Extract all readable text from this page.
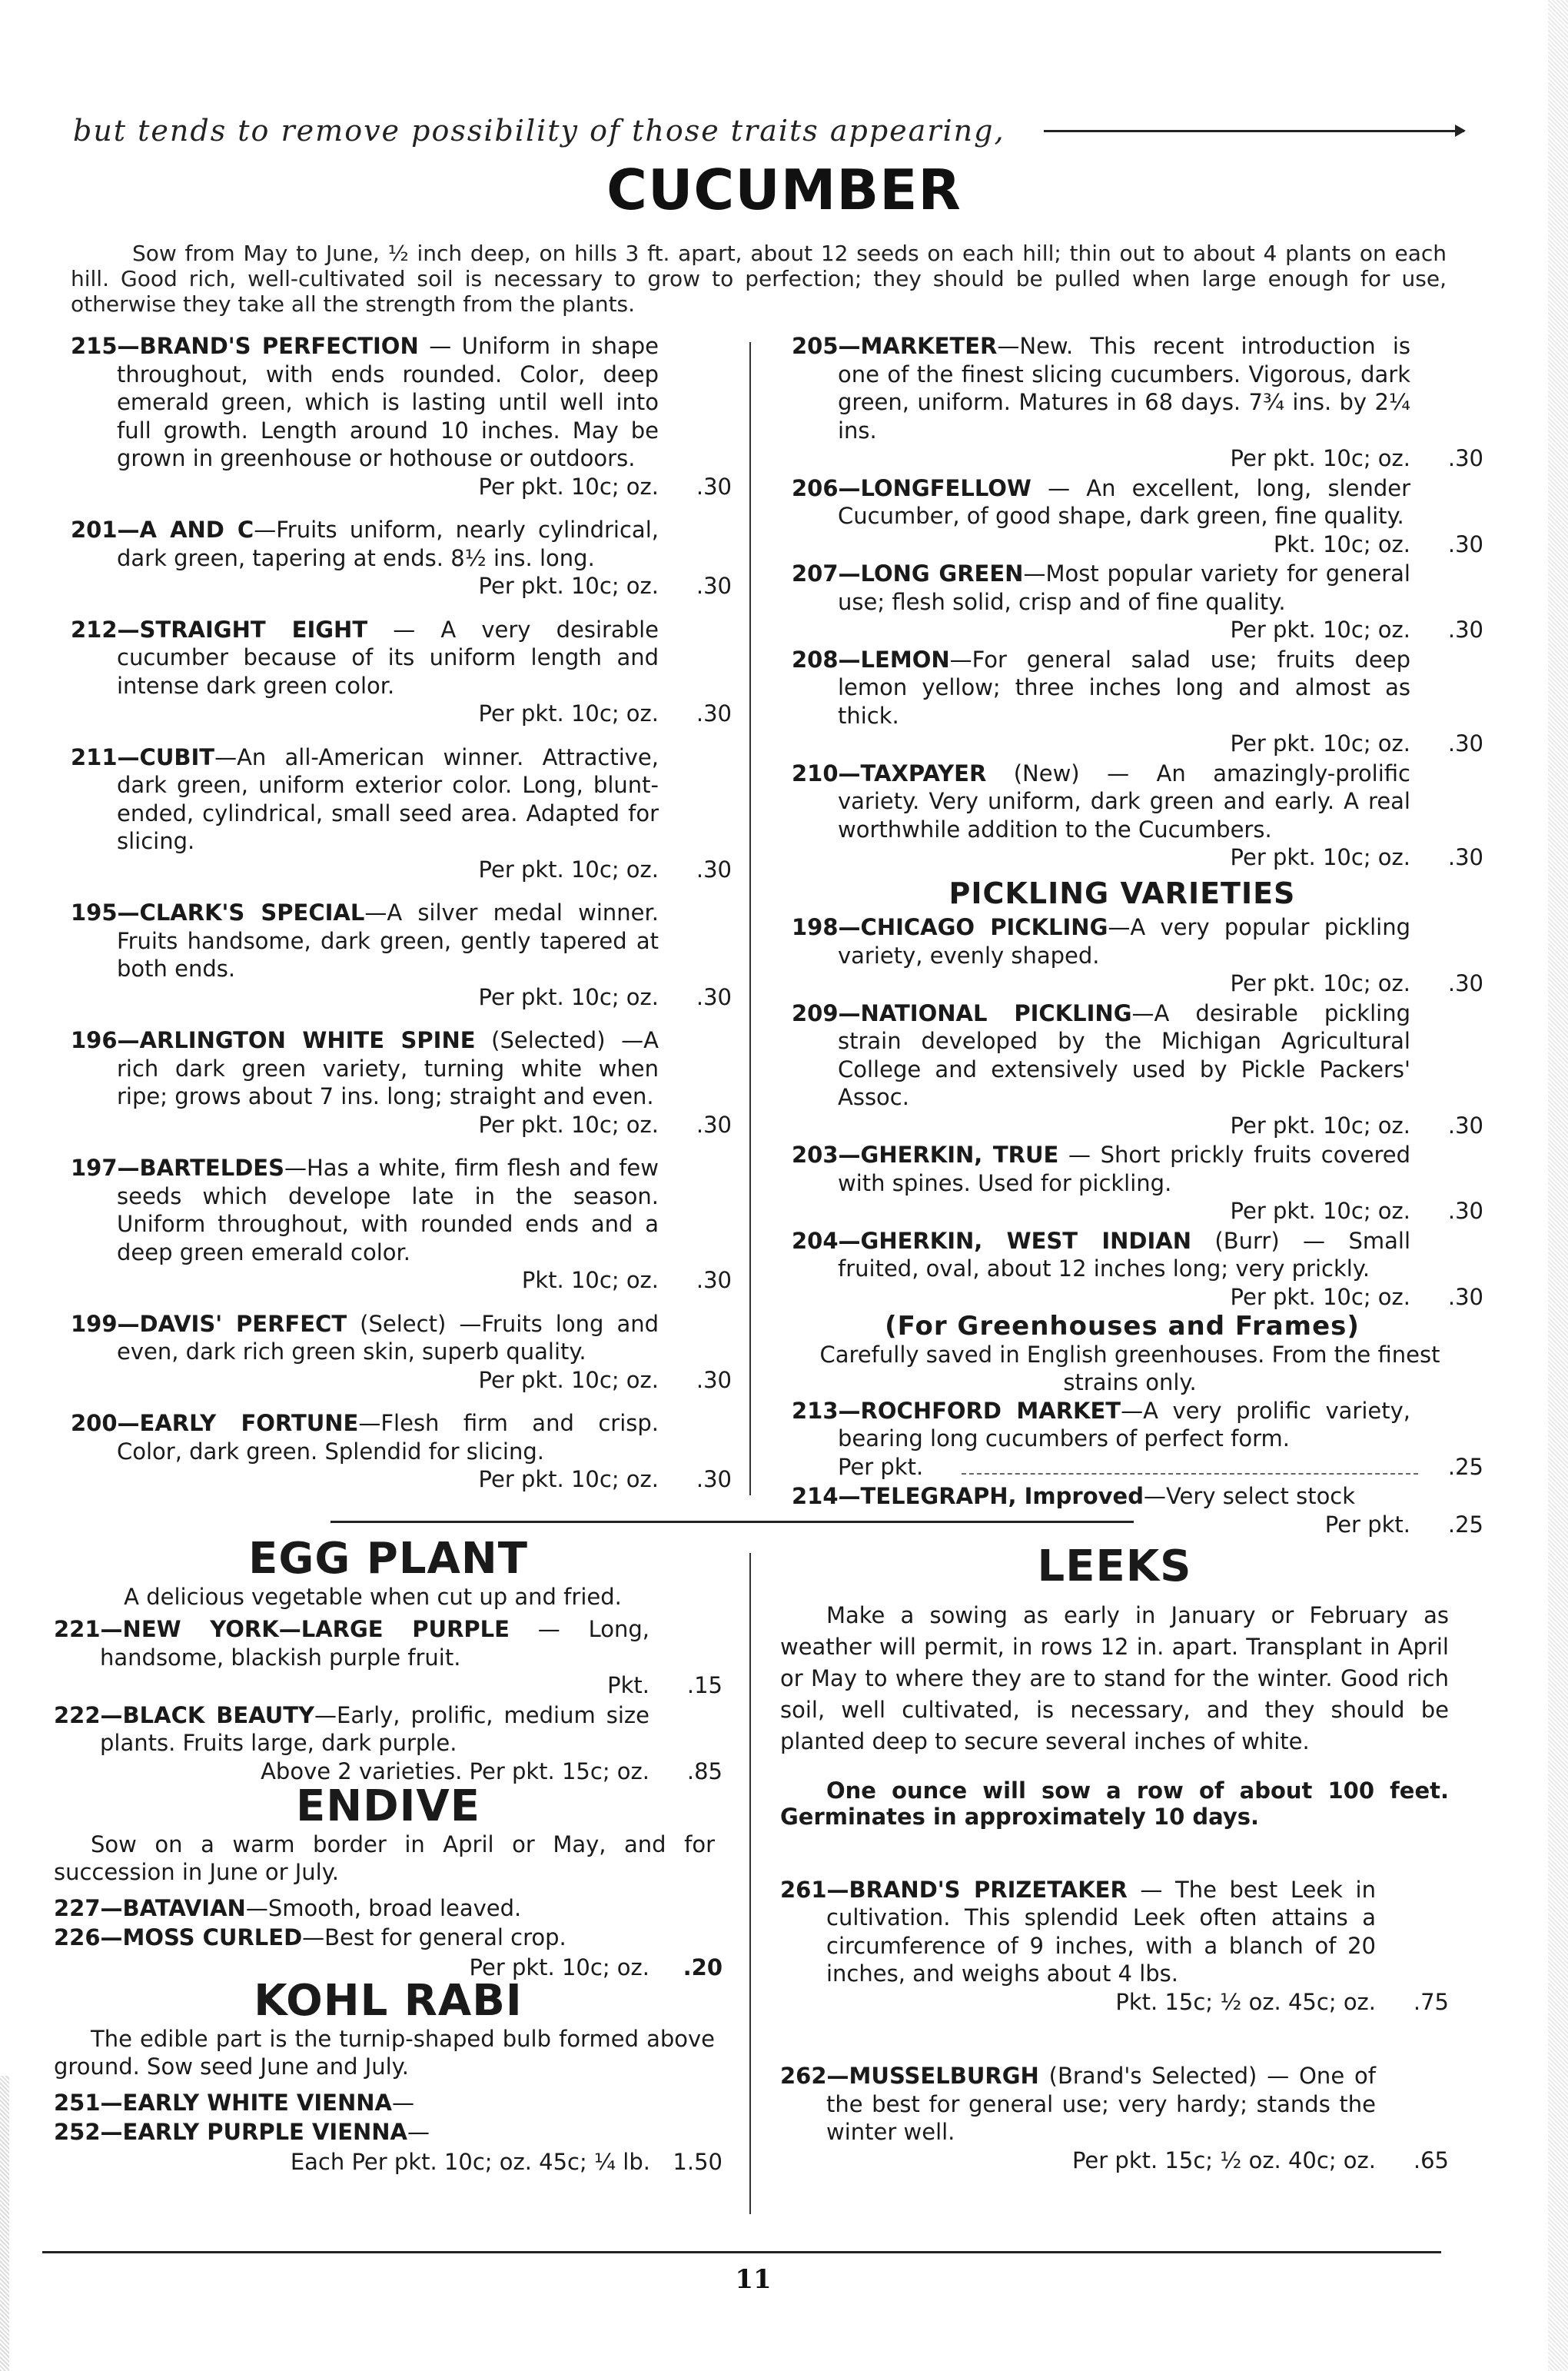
but tends to remove possibility of those traits appearing,
CUCUMBER
Sow from May to June, ½ inch deep, on hills 3 ft. apart, about 12 seeds on each hill; thin out to about 4 plants on each hill. Good rich, well-cultivated soil is necessary to grow to perfection; they should be pulled when large enough for use, otherwise they take all the strength from the plants.
215—BRAND'S PERFECTION — Uniform in shape throughout, with ends rounded. Color, deep emerald green, which is lasting until well into full growth. Length around 10 inches. May be grown in greenhouse or hothouse or outdoors.
Per pkt. 10c; oz.	.30
201—A AND C—Fruits uniform, nearly cylindrical, dark green, tapering at ends. 8½ ins. long.
Per pkt. 10c; oz.	.30
212—STRAIGHT EIGHT — A very desirable cucumber because of its uniform length and intense dark green color.
Per pkt. 10c; oz.	.30
211—CUBIT—An all-American winner. Attractive, dark green, uniform exterior color. Long, blunt-ended, cylindrical, small seed area. Adapted for slicing.
Per pkt. 10c; oz.	.30
195—CLARK'S SPECIAL—A silver medal winner. Fruits handsome, dark green, gently tapered at both ends.
Per pkt. 10c; oz.	.30
196—ARLINGTON WHITE SPINE (Selected) —A rich dark green variety, turning white when ripe; grows about 7 ins. long; straight and even.
Per pkt. 10c; oz.	.30
197—BARTELDES—Has a white, firm flesh and few seeds which develope late in the season. Uniform throughout, with rounded ends and a deep green emerald color.
Pkt. 10c; oz.	.30
199—DAVIS' PERFECT (Select) —Fruits long and even, dark rich green skin, superb quality.
Per pkt. 10c; oz.	.30
200—EARLY FORTUNE—Flesh firm and crisp. Color, dark green. Splendid for slicing.
Per pkt. 10c; oz.	.30
205—MARKETER—New. This recent introduction is one of the finest slicing cucumbers. Vigorous, dark green, uniform. Matures in 68 days. 7¾ ins. by 2¼ ins.
Per pkt. 10c; oz.	.30
206—LONGFELLOW — An excellent, long, slender Cucumber, of good shape, dark green, fine quality.
Pkt. 10c; oz.	.30
207—LONG GREEN—Most popular variety for general use; flesh solid, crisp and of fine quality.
Per pkt. 10c; oz.	.30
208—LEMON—For general salad use; fruits deep lemon yellow; three inches long and almost as thick.
Per pkt. 10c; oz.	.30
210—TAXPAYER (New) — An amazingly-prolific variety. Very uniform, dark green and early. A real worthwhile addition to the Cucumbers.
Per pkt. 10c; oz.	.30
PICKLING VARIETIES
198—CHICAGO PICKLING—A very popular pickling variety, evenly shaped.
Per pkt. 10c; oz.	.30
209—NATIONAL PICKLING—A desirable pickling strain developed by the Michigan Agricultural College and extensively used by Pickle Packers' Assoc.
Per pkt. 10c; oz.	.30
203—GHERKIN, TRUE — Short prickly fruits covered with spines. Used for pickling.
Per pkt. 10c; oz.	.30
204—GHERKIN, WEST INDIAN (Burr) — Small fruited, oval, about 12 inches long; very prickly.
Per pkt. 10c; oz.	.30
(For Greenhouses and Frames)
Carefully saved in English greenhouses. From the finest strains only.
213—ROCHFORD MARKET—A very prolific variety, bearing long cucumbers of perfect form.
Per pkt.	.25
214—TELEGRAPH, Improved—Very select stock
Per pkt.	.25
EGG PLANT
A delicious vegetable when cut up and fried.
221—NEW YORK—LARGE PURPLE — Long, handsome, blackish purple fruit.
Pkt.	.15
222—BLACK BEAUTY—Early, prolific, medium size plants. Fruits large, dark purple.
Above 2 varieties. Per pkt. 15c; oz.	.85
ENDIVE
Sow on a warm border in April or May, and for succession in June or July.
227—BATAVIAN—Smooth, broad leaved.
226—MOSS CURLED—Best for general crop.
Per pkt. 10c; oz.	.20
KOHL RABI
The edible part is the turnip-shaped bulb formed above ground. Sow seed June and July.
251—EARLY WHITE VIENNA—
252—EARLY PURPLE VIENNA—
Each Per pkt. 10c; oz. 45c; ¼ lb.	1.50
LEEKS
Make a sowing as early in January or February as weather will permit, in rows 12 in. apart. Transplant in April or May to where they are to stand for the winter. Good rich soil, well cultivated, is necessary, and they should be planted deep to secure several inches of white.
One ounce will sow a row of about 100 feet. Germinates in approximately 10 days.
261—BRAND'S PRIZETAKER — The best Leek in cultivation. This splendid Leek often attains a circumference of 9 inches, with a blanch of 20 inches, and weighs about 4 lbs.
Pkt. 15c; ½ oz. 45c; oz.	.75
262—MUSSELBURGH (Brand's Selected) — One of the best for general use; very hardy; stands the winter well.
Per pkt. 15c; ½ oz. 40c; oz.	.65
11
